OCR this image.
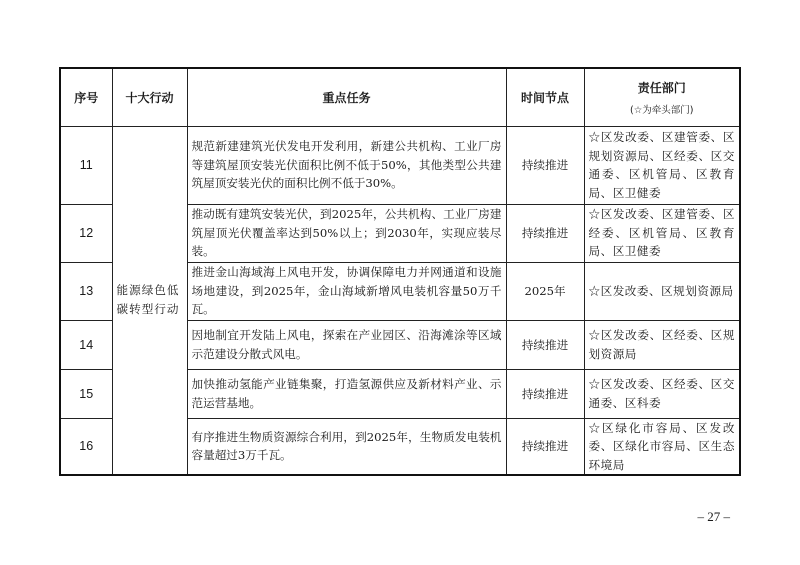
序号	十大行动	重点任务	时间节点	责任部门
(☆为牵头部门)

11	能源绿色低碳转型行动	规范新建建筑光伏发电开发利用，新建公共机构、工业厂房等建筑屋顶安装光伏面积比例不低于50%，其他类型公共建筑屋顶安装光伏的面积比例不低于30%。	持续推进	☆区发改委、区建管委、区规划资源局、区经委、区交通委、区机管局、区教育局、区卫健委
12		推动既有建筑安装光伏，到2025年，公共机构、工业厂房建筑屋顶光伏覆盖率达到50%以上；到2030年，实现应装尽装。	持续推进	☆区发改委、区建管委、区经委、区机管局、区教育局、区卫健委
13		推进金山海域海上风电开发，协调保障电力并网通道和设施场地建设，到2025年，金山海域新增风电装机容量50万千瓦。	2025年	☆区发改委、区规划资源局
14		因地制宜开发陆上风电，探索在产业园区、沿海滩涂等区域示范建设分散式风电。	持续推进	☆区发改委、区经委、区规划资源局
15		加快推动氢能产业链集聚，打造氢源供应及新材料产业、示范运营基地。	持续推进	☆区发改委、区经委、区交通委、区科委
16		有序推进生物质资源综合利用，到2025年，生物质发电装机容量超过3万千瓦。	持续推进	☆区绿化市容局、区发改委、区绿化市容局、区生态环境局
– 27 –
